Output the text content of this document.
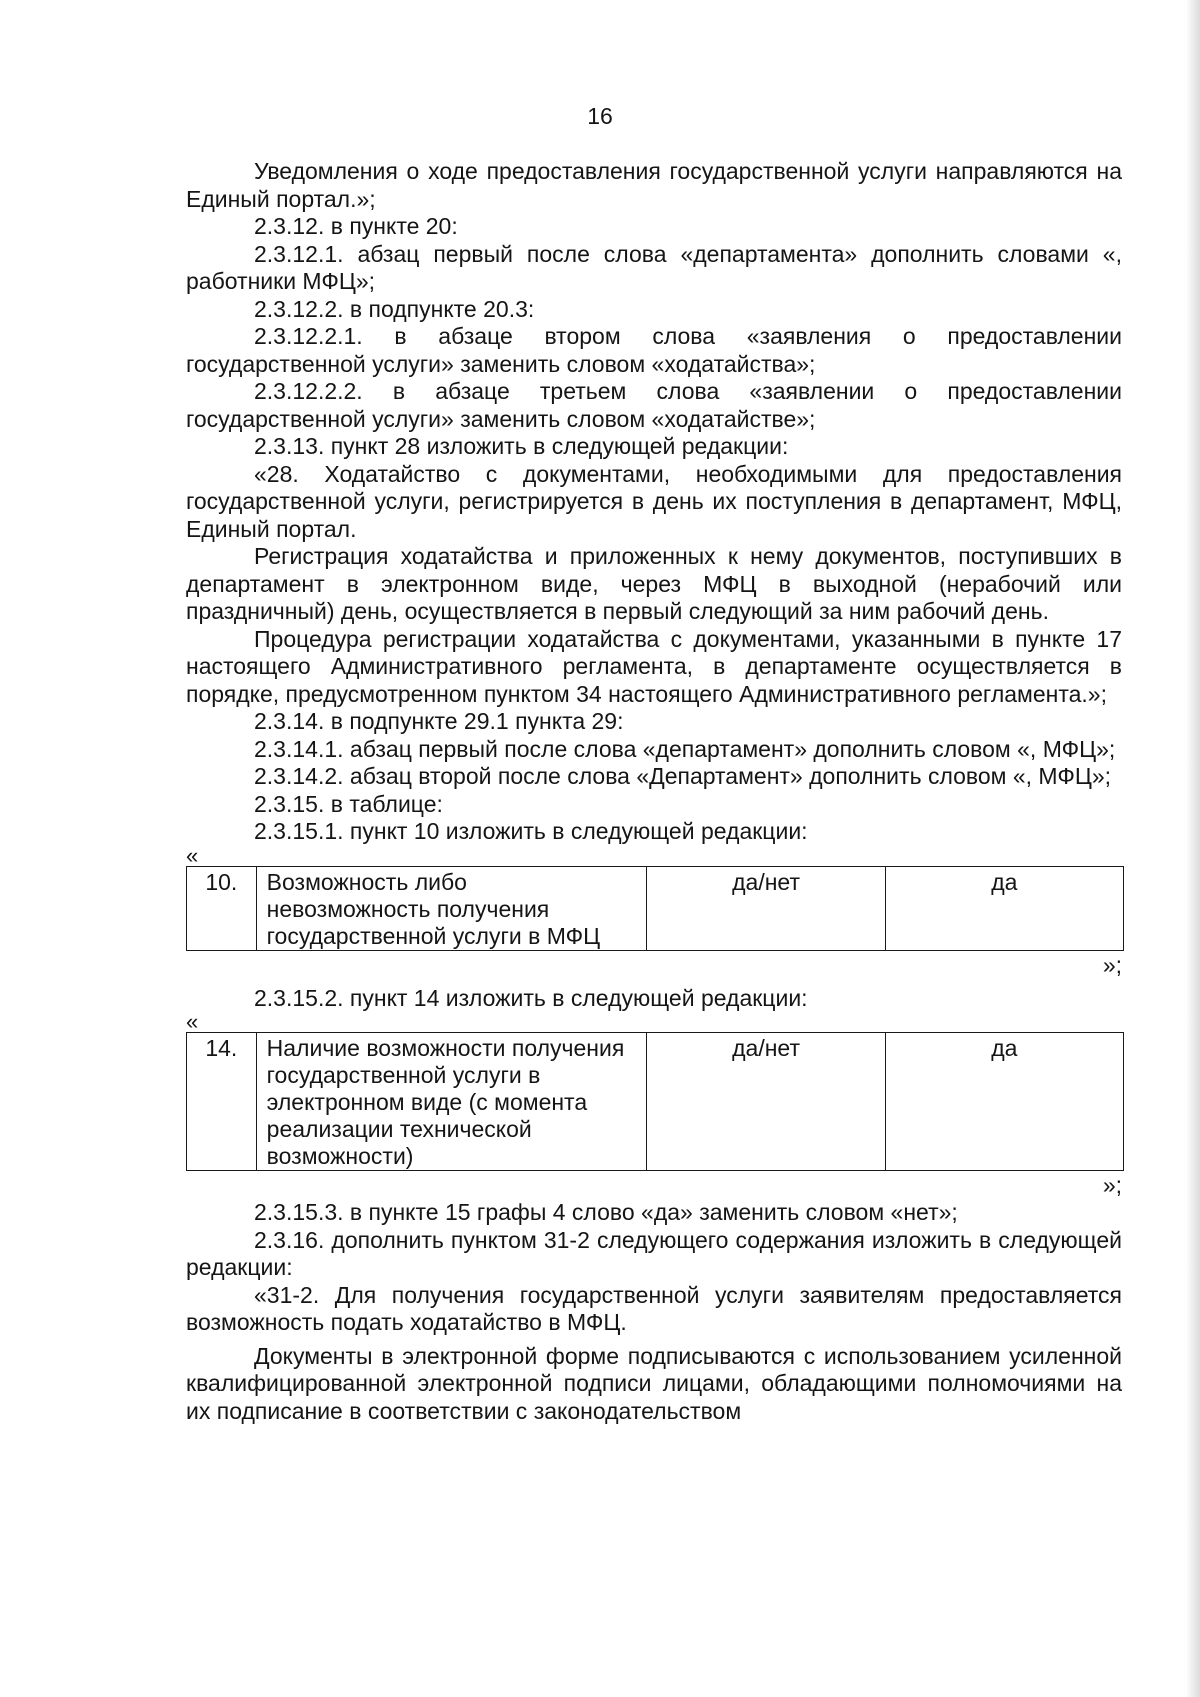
16

Уведомления о ходе предоставления государственной услуги направляются на Единый портал.»;

2.3.12. в пункте 20:

2.3.12.1. абзац первый после слова «департамента» дополнить словами «, работники МФЦ»;

2.3.12.2. в подпункте 20.3:

2.3.12.2.1. в абзаце втором слова «заявления о предоставлении государственной услуги» заменить словом «ходатайства»;

2.3.12.2.2. в абзаце третьем слова «заявлении о предоставлении государственной услуги» заменить словом «ходатайстве»;

2.3.13. пункт 28 изложить в следующей редакции:

«28. Ходатайство с документами, необходимыми для предоставления государственной услуги, регистрируется в день их поступления в департамент, МФЦ, Единый портал.

Регистрация ходатайства и приложенных к нему документов, поступивших в департамент в электронном виде, через МФЦ в выходной (нерабочий или праздничный) день, осуществляется в первый следующий за ним рабочий день.

Процедура регистрации ходатайства с документами, указанными в пункте 17 настоящего Административного регламента, в департаменте осуществляется в порядке, предусмотренном пунктом 34 настоящего Административного регламента.»;

2.3.14. в подпункте 29.1 пункта 29:

2.3.14.1. абзац первый после слова «департамент» дополнить словом «, МФЦ»;

2.3.14.2. абзац второй после слова «Департамент» дополнить словом «, МФЦ»;

2.3.15. в таблице:

2.3.15.1. пункт 10 изложить в следующей редакции:

«

10.	Возможность либо невозможность получения государственной услуги в МФЦ	да/нет	да

»;

2.3.15.2. пункт 14 изложить в следующей редакции:

«

14.	Наличие возможности получения государственной услуги в электронном виде (с момента реализации технической возможности)	да/нет	да

»;

2.3.15.3. в пункте 15 графы 4 слово «да» заменить словом «нет»;

2.3.16. дополнить пунктом 31-2 следующего содержания изложить в следующей редакции:

«31-2. Для получения государственной услуги заявителям предоставляется возможность подать ходатайство в МФЦ.

Документы в электронной форме подписываются с использованием усиленной квалифицированной электронной подписи лицами, обладающими полномочиями на их подписание в соответствии с законодательством
